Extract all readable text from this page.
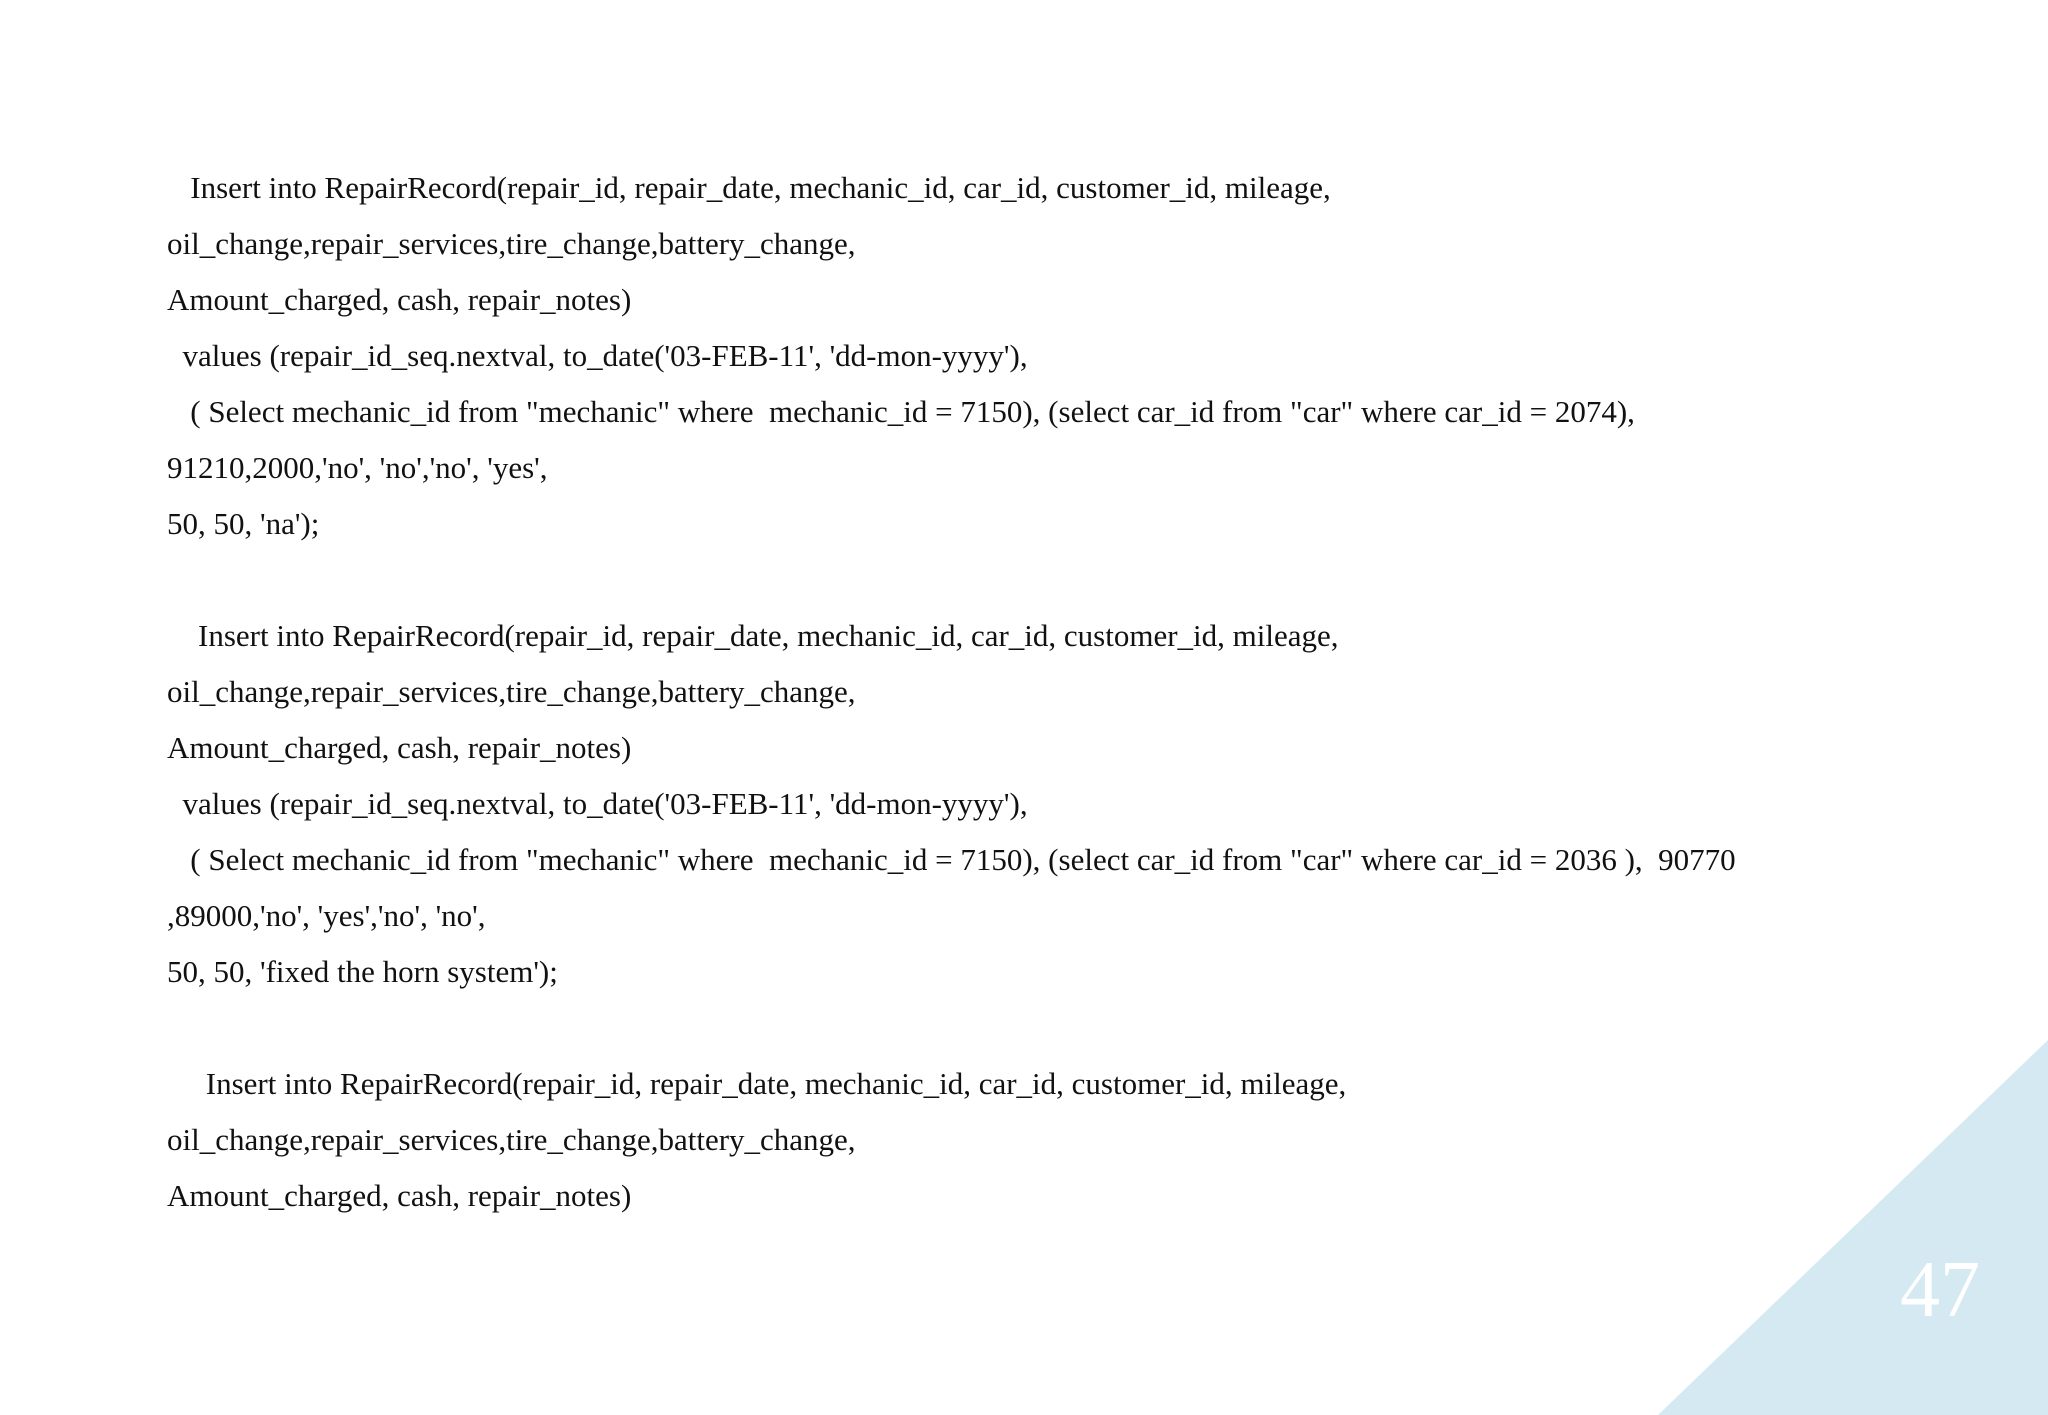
Insert into RepairRecord(repair_id, repair_date, mechanic_id, car_id, customer_id, mileage,
oil_change,repair_services,tire_change,battery_change,
Amount_charged, cash, repair_notes)
values (repair_id_seq.nextval, to_date('03-FEB-11', 'dd-mon-yyyy'),
( Select mechanic_id from "mechanic" where  mechanic_id = 7150), (select car_id from "car" where car_id = 2074),
91210,2000,'no', 'no','no', 'yes',
50, 50, 'na');
Insert into RepairRecord(repair_id, repair_date, mechanic_id, car_id, customer_id, mileage,
oil_change,repair_services,tire_change,battery_change,
Amount_charged, cash, repair_notes)
values (repair_id_seq.nextval, to_date('03-FEB-11', 'dd-mon-yyyy'),
( Select mechanic_id from "mechanic" where  mechanic_id = 7150), (select car_id from "car" where car_id = 2036 ),  90770
,89000,'no', 'yes','no', 'no',
50, 50, 'fixed the horn system');
Insert into RepairRecord(repair_id, repair_date, mechanic_id, car_id, customer_id, mileage,
oil_change,repair_services,tire_change,battery_change,
Amount_charged, cash, repair_notes)
47
